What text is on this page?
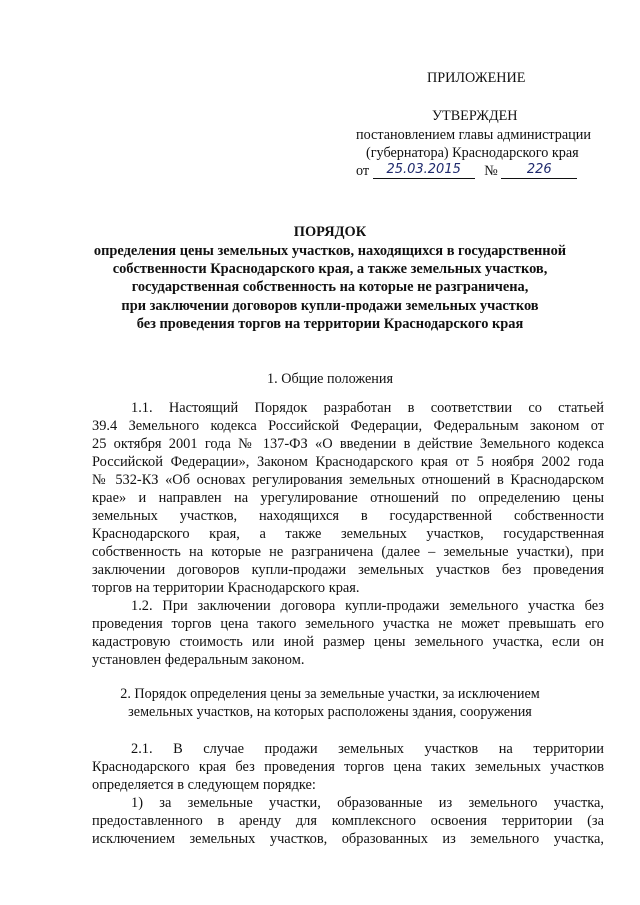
ПРИЛОЖЕНИЕ
УТВЕРЖДЕН
постановлением главы администрации
(губернатора) Краснодарского края
от 25.03.2015 № 226
ПОРЯДОК
определения цены земельных участков, находящихся в государственной
собственности Краснодарского края, а также земельных участков,
государственная собственность на которые не разграничена,
при заключении договоров купли-продажи земельных участков
без проведения торгов на территории Краснодарского края
1. Общие положения
1.1. Настоящий Порядок разработан в соответствии со статьей
39.4 Земельного кодекса Российской Федерации, Федеральным законом от
25 октября 2001 года № 137-ФЗ «О введении в действие Земельного кодекса
Российской Федерации», Законом Краснодарского края от 5 ноября 2002 года
№ 532-КЗ «Об основах регулирования земельных отношений в Краснодарском
крае» и направлен на урегулирование отношений по определению цены
земельных участков, находящихся в государственной собственности
Краснодарского края, а также земельных участков, государственная
собственность на которые не разграничена (далее – земельные участки), при
заключении договоров купли-продажи земельных участков без проведения
торгов на территории Краснодарского края.
1.2. При заключении договора купли-продажи земельного участка без
проведения торгов цена такого земельного участка не может превышать его
кадастровую стоимость или иной размер цены земельного участка, если он
установлен федеральным законом.
2. Порядок определения цены за земельные участки, за исключением
земельных участков, на которых расположены здания, сооружения
2.1. В случае продажи земельных участков на территории
Краснодарского края без проведения торгов цена таких земельных участков
определяется в следующем порядке:
1) за земельные участки, образованные из земельного участка,
предоставленного в аренду для комплексного освоения территории (за
исключением земельных участков, образованных из земельного участка,
